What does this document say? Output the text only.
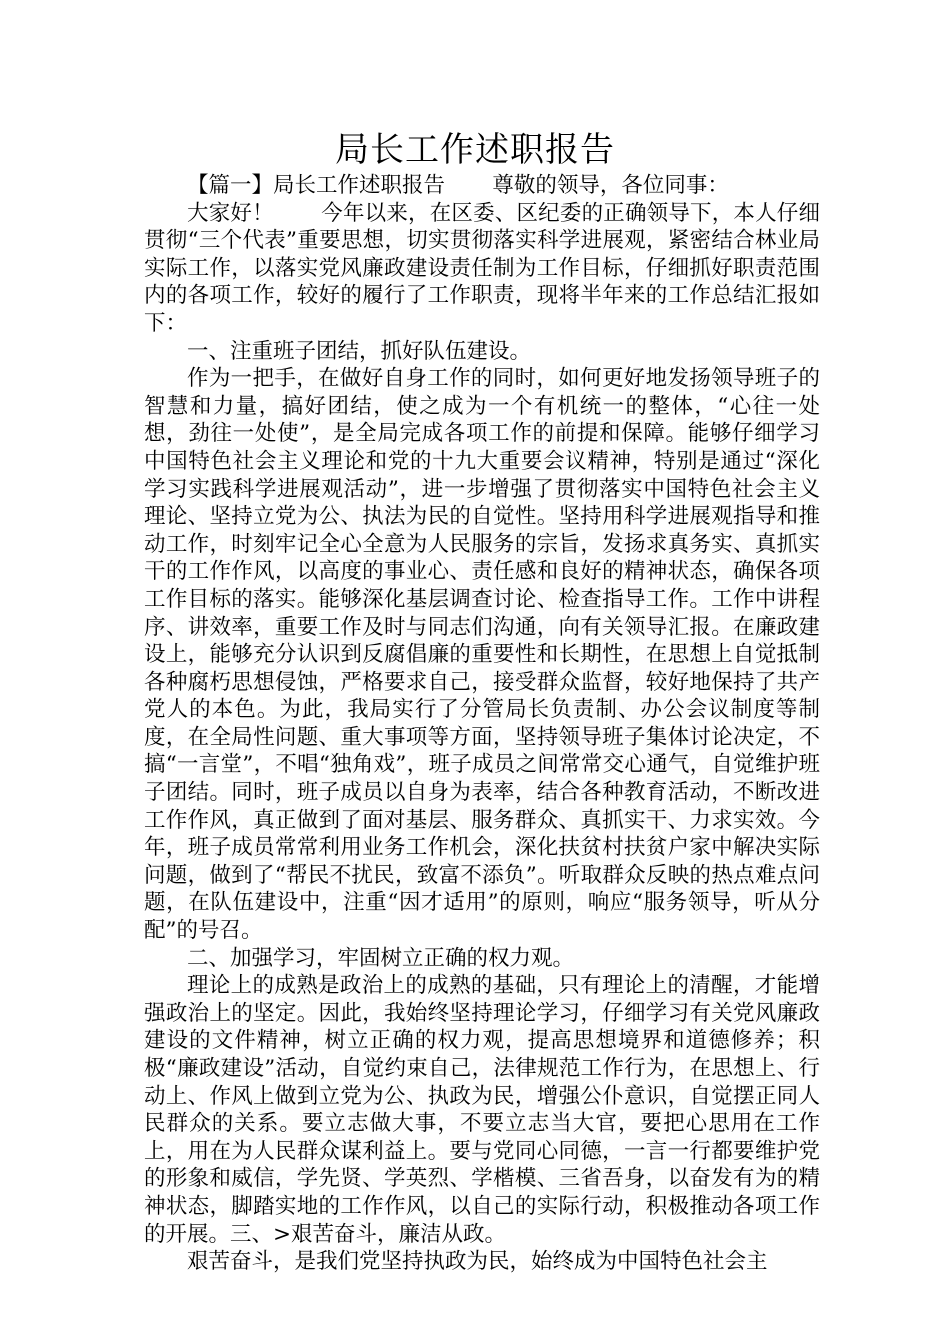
局长工作述职报告

【篇一】局长工作述职报告 尊敬的领导，各位同事：

大家好！ 今年以来，在区委、区纪委的正确领导下，本人仔细贯彻“三个代表”重要思想，切实贯彻落实科学进展观，紧密结合林业局实际工作，以落实党风廉政建设责任制为工作目标，仔细抓好职责范围内的各项工作，较好的履行了工作职责，现将半年来的工作总结汇报如下：

一、注重班子团结，抓好队伍建设。

作为一把手，在做好自身工作的同时，如何更好地发扬领导班子的智慧和力量，搞好团结，使之成为一个有机统一的整体，“心往一处想，劲往一处使”，是全局完成各项工作的前提和保障。能够仔细学习中国特色社会主义理论和党的十九大重要会议精神，特别是通过“深化学习实践科学进展观活动”，进一步增强了贯彻落实中国特色社会主义理论、坚持立党为公、执法为民的自觉性。坚持用科学进展观指导和推动工作，时刻牢记全心全意为人民服务的宗旨，发扬求真务实、真抓实干的工作作风，以高度的事业心、责任感和良好的精神状态，确保各项工作目标的落实。能够深化基层调查讨论、检查指导工作。工作中讲程序、讲效率，重要工作及时与同志们沟通，向有关领导汇报。在廉政建设上，能够充分认识到反腐倡廉的重要性和长期性，在思想上自觉抵制各种腐朽思想侵蚀，严格要求自己，接受群众监督，较好地保持了共产党人的本色。为此，我局实行了分管局长负责制、办公会议制度等制度，在全局性问题、重大事项等方面，坚持领导班子集体讨论决定，不搞“一言堂”，不唱“独角戏”，班子成员之间常常交心通气，自觉维护班子团结。同时，班子成员以自身为表率，结合各种教育活动，不断改进工作作风，真正做到了面对基层、服务群众、真抓实干、力求实效。今年，班子成员常常利用业务工作机会，深化扶贫村扶贫户家中解决实际问题，做到了“帮民不扰民，致富不添负”。听取群众反映的热点难点问题，在队伍建设中，注重“因才适用”的原则，响应“服务领导，听从分配”的号召。

二、加强学习，牢固树立正确的权力观。

理论上的成熟是政治上的成熟的基础，只有理论上的清醒，才能增强政治上的坚定。因此，我始终坚持理论学习，仔细学习有关党风廉政建设的文件精神，树立正确的权力观，提高思想境界和道德修养；积极“廉政建设”活动，自觉约束自己，法律规范工作行为，在思想上、行动上、作风上做到立党为公、执政为民，增强公仆意识，自觉摆正同人民群众的关系。要立志做大事，不要立志当大官，要把心思用在工作上，用在为人民群众谋利益上。要与党同心同德，一言一行都要维护党的形象和威信，学先贤、学英烈、学楷模、三省吾身，以奋发有为的精神状态，脚踏实地的工作作风，以自己的实际行动，积极推动各项工作的开展。三、>艰苦奋斗，廉洁从政。

艰苦奋斗，是我们党坚持执政为民，始终成为中国特色社会主
